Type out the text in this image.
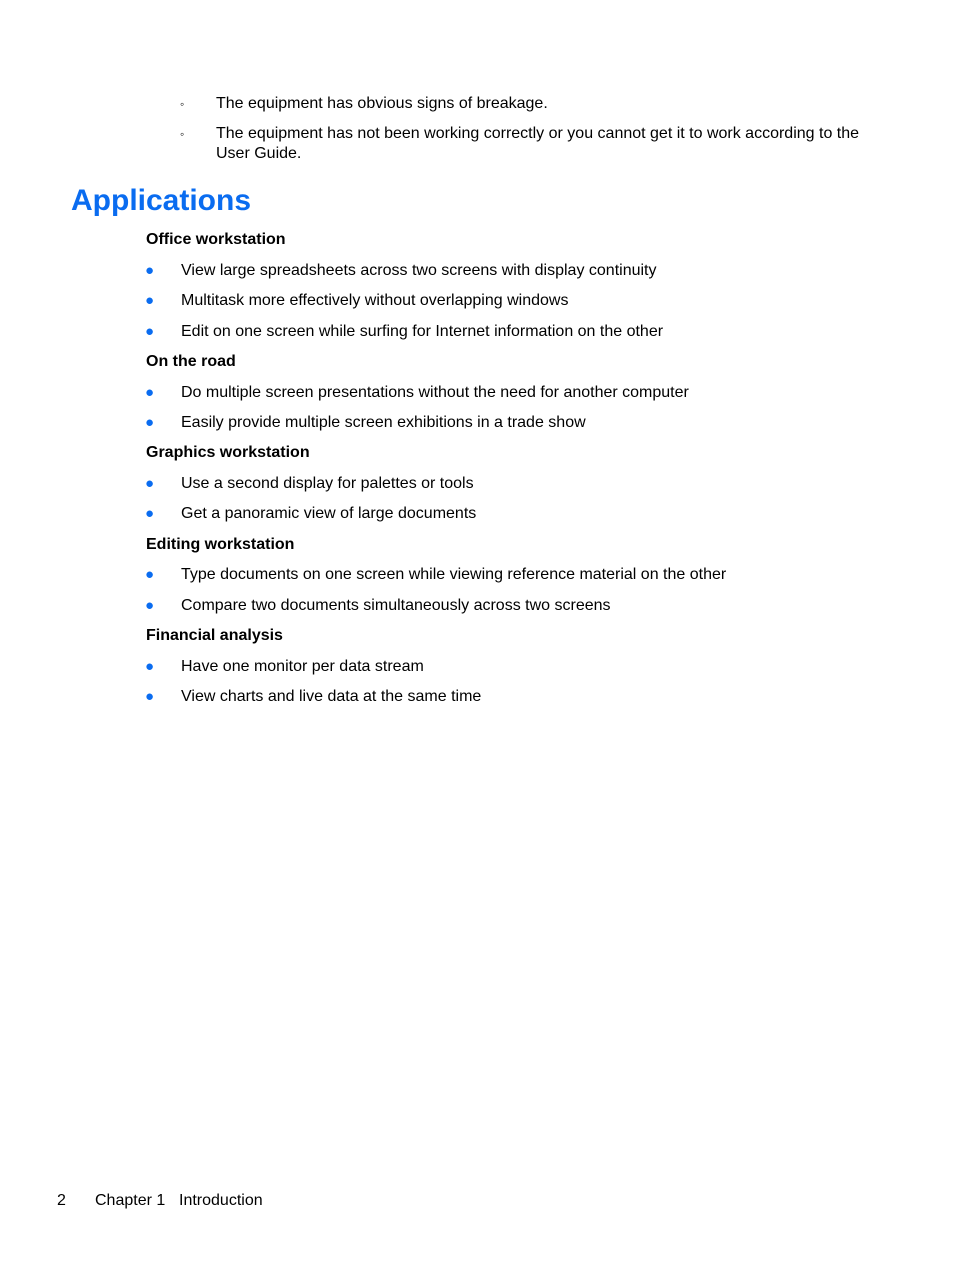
◦ The equipment has obvious signs of breakage.
◦ The equipment has not been working correctly or you cannot get it to work according to the User Guide.
Applications
Office workstation
● View large spreadsheets across two screens with display continuity
● Multitask more effectively without overlapping windows
● Edit on one screen while surfing for Internet information on the other
On the road
● Do multiple screen presentations without the need for another computer
● Easily provide multiple screen exhibitions in a trade show
Graphics workstation
● Use a second display for palettes or tools
● Get a panoramic view of large documents
Editing workstation
● Type documents on one screen while viewing reference material on the other
● Compare two documents simultaneously across two screens
Financial analysis
● Have one monitor per data stream
● View charts and live data at the same time
2 Chapter 1 Introduction
